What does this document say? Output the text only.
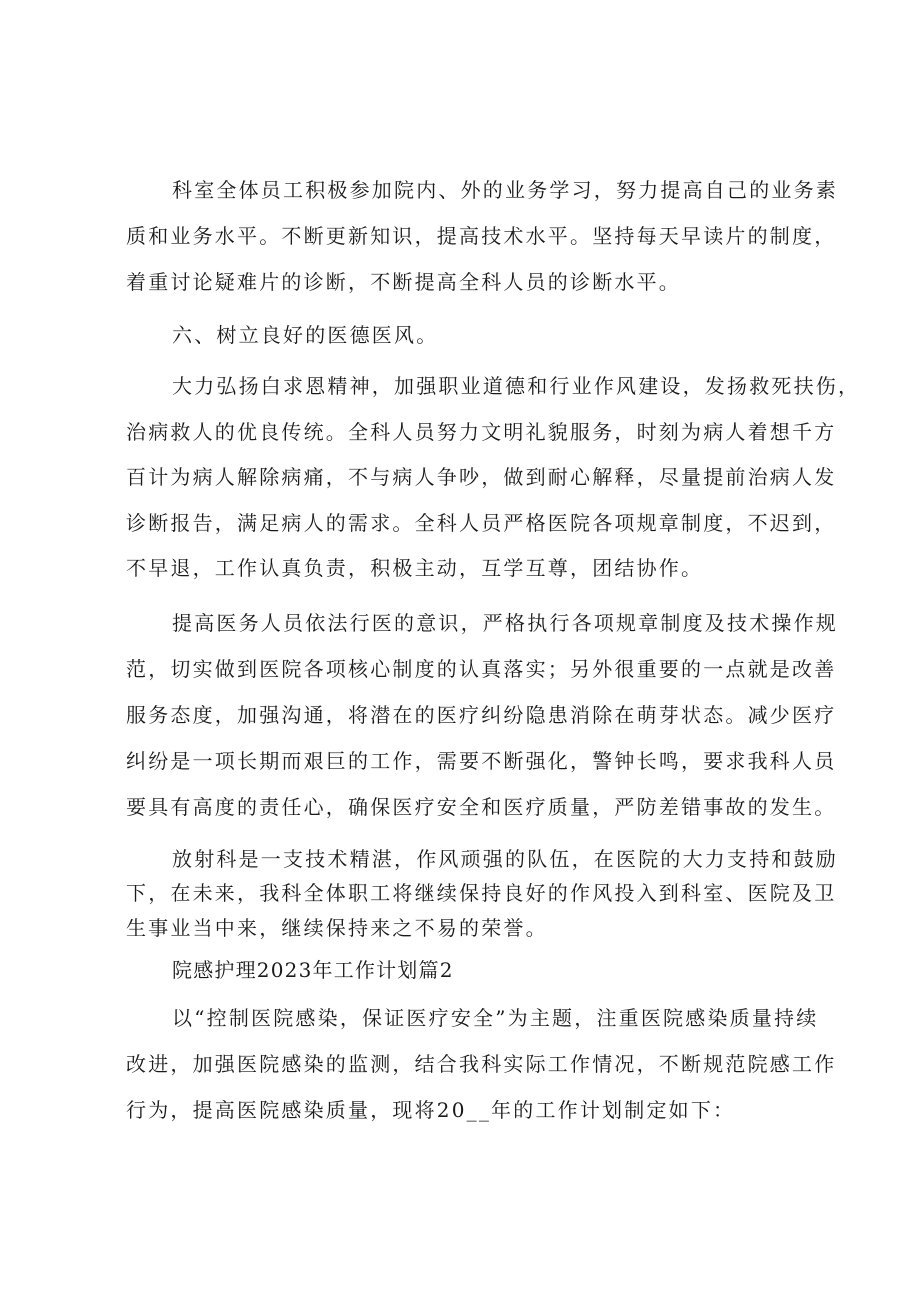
科室全体员工积极参加院内、外的业务学习，努力提高自己的业务素
质和业务水平。不断更新知识，提高技术水平。坚持每天早读片的制度，
着重讨论疑难片的诊断，不断提高全科人员的诊断水平。
六、树立良好的医德医风。
大力弘扬白求恩精神，加强职业道德和行业作风建设，发扬救死扶伤，
治病救人的优良传统。全科人员努力文明礼貌服务，时刻为病人着想千方
百计为病人解除病痛，不与病人争吵，做到耐心解释，尽量提前治病人发
诊断报告，满足病人的需求。全科人员严格医院各项规章制度，不迟到，
不早退，工作认真负责，积极主动，互学互尊，团结协作。
提高医务人员依法行医的意识，严格执行各项规章制度及技术操作规
范，切实做到医院各项核心制度的认真落实；另外很重要的一点就是改善
服务态度，加强沟通，将潜在的医疗纠纷隐患消除在萌芽状态。减少医疗
纠纷是一项长期而艰巨的工作，需要不断强化，警钟长鸣，要求我科人员
要具有高度的责任心，确保医疗安全和医疗质量，严防差错事故的发生。
放射科是一支技术精湛，作风顽强的队伍，在医院的大力支持和鼓励
下，在未来，我科全体职工将继续保持良好的作风投入到科室、医院及卫
生事业当中来，继续保持来之不易的荣誉。
院感护理2023年工作计划篇2
以“控制医院感染，保证医疗安全”为主题，注重医院感染质量持续
改进，加强医院感染的监测，结合我科实际工作情况，不断规范院感工作
行为，提高医院感染质量，现将20__年的工作计划制定如下：
